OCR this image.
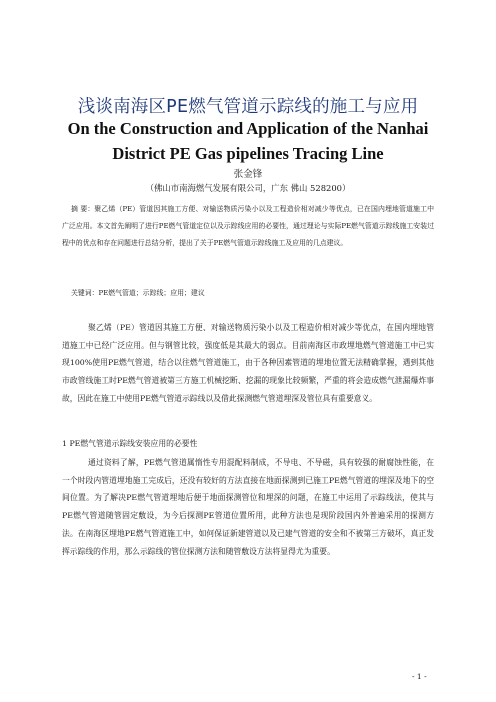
浅谈南海区PE燃气管道示踪线的施工与应用
On the Construction and Application of the Nanhai
District PE Gas pipelines Tracing Line
张金锋
（佛山市南海燃气发展有限公司，广东 佛山 528200）
摘 要：聚乙烯（PE）管道因其施工方便、对输送物质污染小以及工程造价相对减少等优点，已在国内埋地管道施工中广泛应用。本文首先阐明了进行PE燃气管道定位以及示踪线应用的必要性，通过理论与实际PE燃气管道示踪线施工安装过程中的优点和存在问题进行总结分析，提出了关于PE燃气管道示踪线施工及应用的几点建议。
关键词：PE燃气管道；示踪线；应用；建议
聚乙烯（PE）管道因其施工方便、对输送物质污染小以及工程造价相对减少等优点，在国内埋地管道施工中已经广泛应用。但与钢管比较，强度低是其最大的弱点。目前南海区市政埋地燃气管道施工中已实现100%使用PE燃气管道，结合以往燃气管道施工，由于各种因素管道的埋地位置无法精确掌握，遇到其他市政管线施工时PE燃气管道被第三方施工机械挖断、挖漏的现象比较频繁，严重的将会造成燃气泄漏爆炸事故，因此在施工中使用PE燃气管道示踪线以及借此探测燃气管道埋深及管位具有重要意义。
1 PE燃气管道示踪线安装应用的必要性
通过资料了解，PE燃气管道属惰性专用混配料制成，不导电、不导磁，具有较强的耐腐蚀性能，在一个时段内管道埋地施工完成后，还没有较好的方法直接在地面探测到已施工PE燃气管道的埋深及地下的空间位置。为了解决PE燃气管道埋地后便于地面探测管位和埋深的问题，在施工中运用了示踪线法，使其与PE燃气管道随管固定敷设，为今后探测PE管道位置所用，此种方法也是现阶段国内外普遍采用的探测方法。在南海区埋地PE燃气管道施工中，如何保证新建管道以及已建气管道的安全和不被第三方破坏，真正发挥示踪线的作用，那么示踪线的管位探测方法和随管敷设方法将显得尤为重要。
- 1 -
